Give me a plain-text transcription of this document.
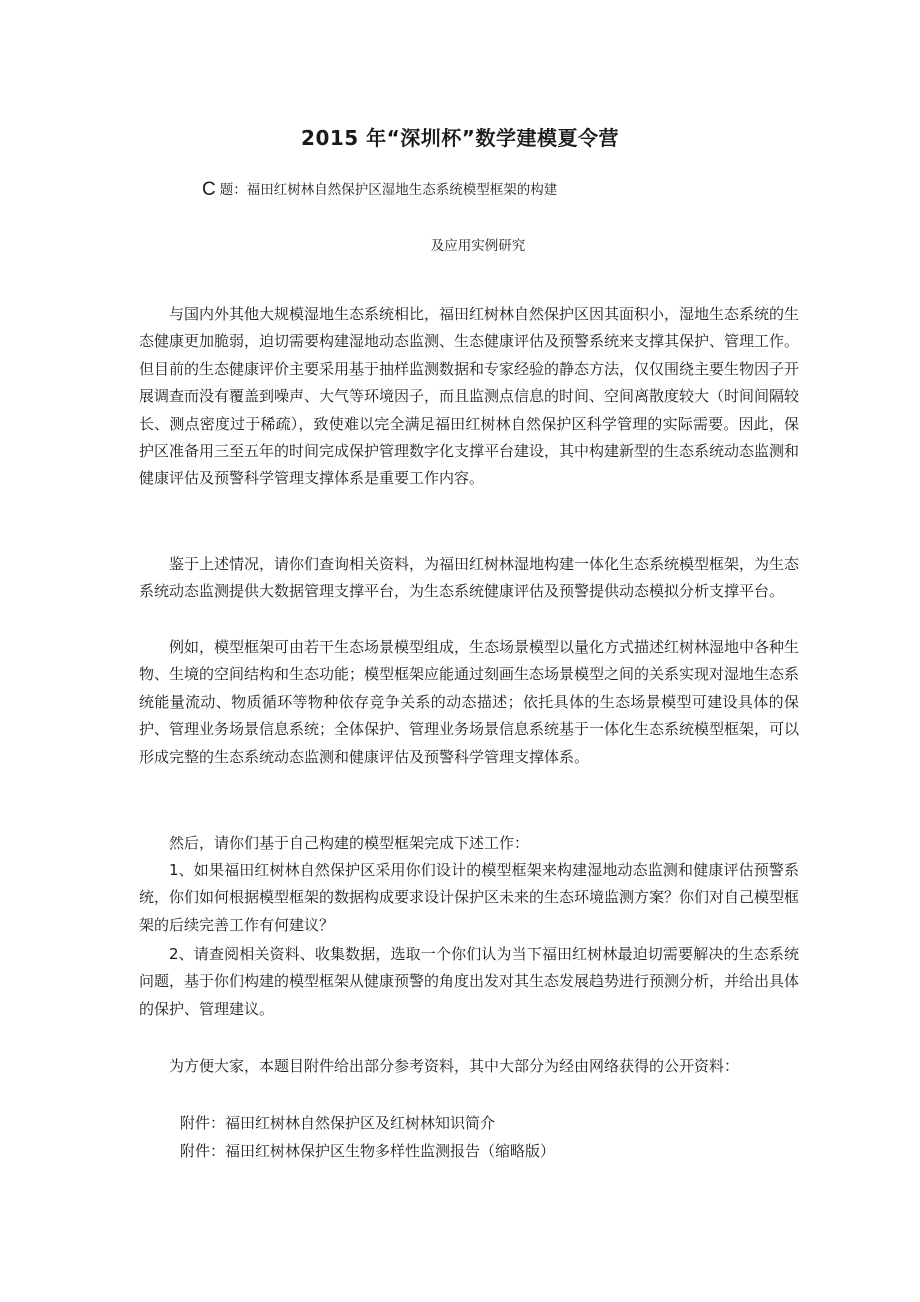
2015 年“深圳杯”数学建模夏令营
C 题：福田红树林自然保护区湿地生态系统模型框架的构建
及应用实例研究

与国内外其他大规模湿地生态系统相比，福田红树林自然保护区因其面积小，湿地生态系统的生态健康更加脆弱，迫切需要构建湿地动态监测、生态健康评估及预警系统来支撑其保护、管理工作。但目前的生态健康评价主要采用基于抽样监测数据和专家经验的静态方法，仅仅围绕主要生物因子开展调查而没有覆盖到噪声、大气等环境因子，而且监测点信息的时间、空间离散度较大（时间间隔较长、测点密度过于稀疏），致使难以完全满足福田红树林自然保护区科学管理的实际需要。因此，保护区准备用三至五年的时间完成保护管理数字化支撑平台建设，其中构建新型的生态系统动态监测和健康评估及预警科学管理支撑体系是重要工作内容。

鉴于上述情况，请你们查询相关资料，为福田红树林湿地构建一体化生态系统模型框架，为生态系统动态监测提供大数据管理支撑平台，为生态系统健康评估及预警提供动态模拟分析支撑平台。

例如，模型框架可由若干生态场景模型组成，生态场景模型以量化方式描述红树林湿地中各种生物、生境的空间结构和生态功能；模型框架应能通过刻画生态场景模型之间的关系实现对湿地生态系统能量流动、物质循环等物种依存竞争关系的动态描述；依托具体的生态场景模型可建设具体的保护、管理业务场景信息系统；全体保护、管理业务场景信息系统基于一体化生态系统模型框架，可以形成完整的生态系统动态监测和健康评估及预警科学管理支撑体系。

然后，请你们基于自己构建的模型框架完成下述工作：

1、如果福田红树林自然保护区采用你们设计的模型框架来构建湿地动态监测和健康评估预警系统，你们如何根据模型框架的数据构成要求设计保护区未来的生态环境监测方案？你们对自己模型框架的后续完善工作有何建议？

2、请查阅相关资料、收集数据，选取一个你们认为当下福田红树林最迫切需要解决的生态系统问题，基于你们构建的模型框架从健康预警的角度出发对其生态发展趋势进行预测分析，并给出具体的保护、管理建议。

为方便大家，本题目附件给出部分参考资料，其中大部分为经由网络获得的公开资料：

附件：福田红树林自然保护区及红树林知识简介
附件：福田红树林保护区生物多样性监测报告（缩略版）
